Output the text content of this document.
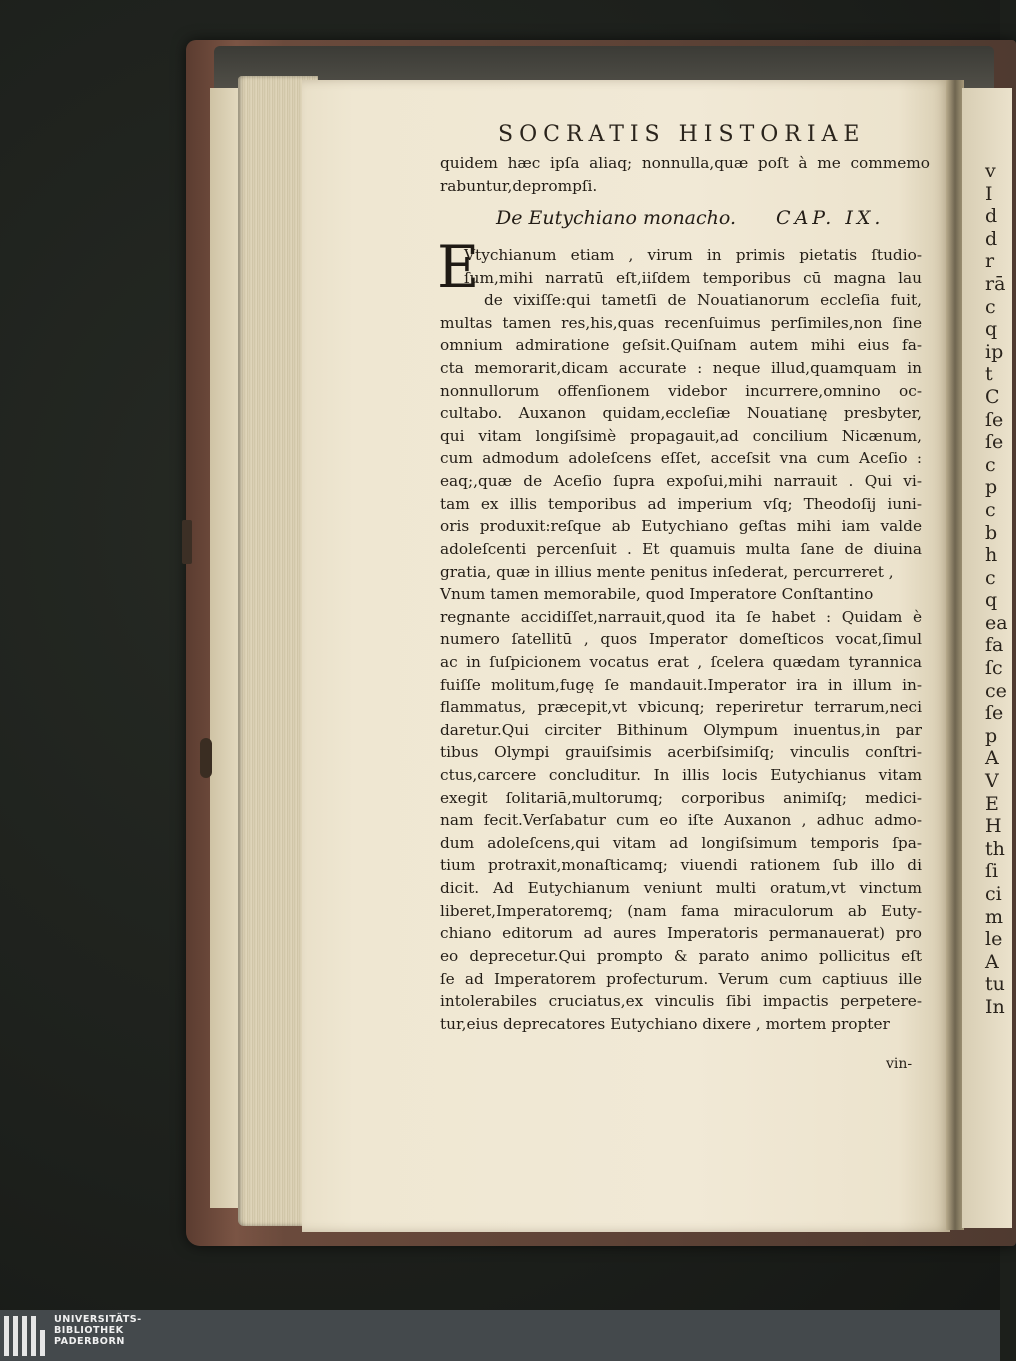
v
I
d
d
r
rā
c
q
ip
t
C
ſe
ſe
c
p
c
b
h
c
q
ea
fa
ſc
ce
ſe
p
A
V
E
H
th
ſi
ci
m
le
A
tu
In
SOCRATIS HISTORIAE
quidem hæc ipſa aliaq; nonnulla,quæ poſt à me commemo
rabuntur,deprompſi.
De Eutychiano monacho. CAP. IX.
E
Vtychianum etiam , virum in primis pietatis ſtudio-
ſum,mihi narratū eſt,iiſdem temporibus cū magna lau
de vixiſſe:qui tametſi de Nouatianorum eccleſia fuit,
multas tamen res,his,quas recenſuimus perſimiles,non ſine
omnium admiratione geſsit.Quiſnam autem mihi eius fa-
cta memorarit,dicam accurate : neque illud,quamquam in
nonnullorum offenſionem videbor incurrere,omnino oc-
cultabo. Auxanon quidam,eccleſiæ Nouatianę presbyter,
qui vitam longiſsimè propagauit,ad concilium Nicænum,
cum admodum adoleſcens eſſet, acceſsit vna cum Aceſio :
eaq;,quæ de Aceſio ſupra expoſui,mihi narrauit . Qui vi-
tam ex illis temporibus ad imperium vſq; Theodoſij iuni-
oris produxit:reſque ab Eutychiano geſtas mihi iam valde
adoleſcenti percenſuit . Et quamuis multa ſane de diuina
gratia, quæ in illius mente penitus inſederat, percurreret ,
Vnum tamen memorabile, quod Imperatore Conſtantino
regnante accidiſſet,narrauit,quod ita ſe habet : Quidam è
numero ſatellitū , quos Imperator domeſticos vocat,ſimul
ac in ſuſpicionem vocatus erat , ſcelera quædam tyrannica
fuiſſe molitum,fugę ſe mandauit.Imperator ira in illum in-
flammatus, præcepit,vt vbicunq; reperiretur terrarum,neci
daretur.Qui circiter Bithinum Olympum inuentus,in par
tibus Olympi grauiſsimis acerbiſsimiſq; vinculis conſtri-
ctus,carcere concluditur. In illis locis Eutychianus vitam
exegit ſolitariā,multorumq; corporibus animiſq; medici-
nam fecit.Verſabatur cum eo iſte Auxanon , adhuc admo-
dum adoleſcens,qui vitam ad longiſsimum temporis ſpa-
tium protraxit,monaſticamq; viuendi rationem ſub illo di
dicit. Ad Eutychianum veniunt multi oratum,vt vinctum
liberet,Imperatoremq; (nam fama miraculorum ab Euty-
chiano editorum ad aures Imperatoris permanauerat) pro
eo deprecetur.Qui prompto & parato animo pollicitus eſt
ſe ad Imperatorem profecturum. Verum cum captiuus ille
intolerabiles cruciatus,ex vinculis ſibi impactis perpetere-
tur,eius deprecatores Eutychiano dixere , mortem propter
vin-
UNIVERSITÄTS-
BIBLIOTHEK
PADERBORN
